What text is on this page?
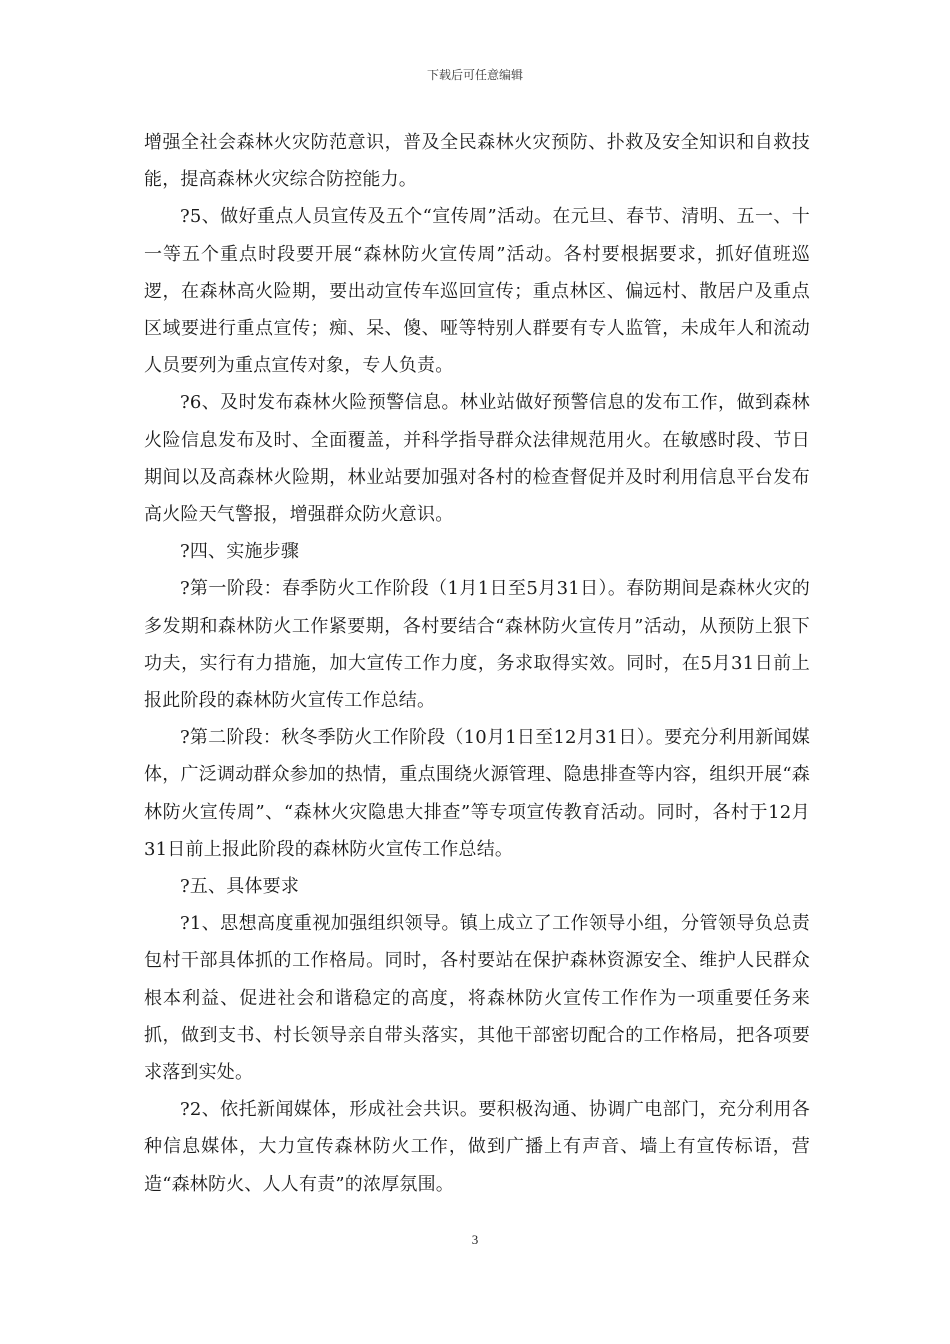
下载后可任意编辑

增强全社会森林火灾防范意识，普及全民森林火灾预防、扑救及安全知识和自救技能，提高森林火灾综合防控能力。

?5、做好重点人员宣传及五个“宣传周”活动。在元旦、春节、清明、五一、十一等五个重点时段要开展“森林防火宣传周”活动。各村要根据要求，抓好值班巡逻，在森林高火险期，要出动宣传车巡回宣传；重点林区、偏远村、散居户及重点区域要进行重点宣传；痴、呆、傻、哑等特别人群要有专人监管，未成年人和流动人员要列为重点宣传对象，专人负责。

?6、及时发布森林火险预警信息。林业站做好预警信息的发布工作，做到森林火险信息发布及时、全面覆盖，并科学指导群众法律规范用火。在敏感时段、节日期间以及高森林火险期，林业站要加强对各村的检查督促并及时利用信息平台发布高火险天气警报，增强群众防火意识。

?四、实施步骤

?第一阶段：春季防火工作阶段（1月1日至5月31日）。春防期间是森林火灾的多发期和森林防火工作紧要期，各村要结合“森林防火宣传月”活动，从预防上狠下功夫，实行有力措施，加大宣传工作力度，务求取得实效。同时，在5月31日前上报此阶段的森林防火宣传工作总结。

?第二阶段：秋冬季防火工作阶段（10月1日至12月31日）。要充分利用新闻媒体，广泛调动群众参加的热情，重点围绕火源管理、隐患排查等内容，组织开展“森林防火宣传周”、“森林火灾隐患大排查”等专项宣传教育活动。同时，各村于12月31日前上报此阶段的森林防火宣传工作总结。

?五、具体要求

?1、思想高度重视加强组织领导。镇上成立了工作领导小组，分管领导负总责包村干部具体抓的工作格局。同时，各村要站在保护森林资源安全、维护人民群众根本利益、促进社会和谐稳定的高度，将森林防火宣传工作作为一项重要任务来抓，做到支书、村长领导亲自带头落实，其他干部密切配合的工作格局，把各项要求落到实处。

?2、依托新闻媒体，形成社会共识。要积极沟通、协调广电部门，充分利用各种信息媒体，大力宣传森林防火工作，做到广播上有声音、墙上有宣传标语，营造“森林防火、人人有责”的浓厚氛围。

3
